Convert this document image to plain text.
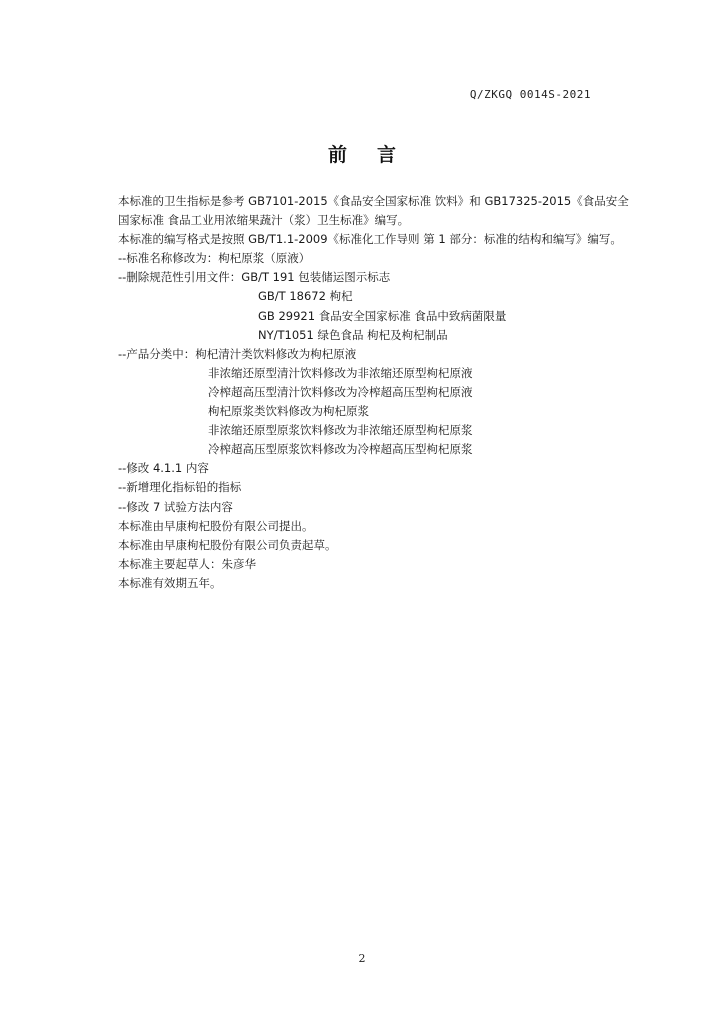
Q/ZKGQ 0014S-2021
前言
本标准的卫生指标是参考 GB7101-2015《食品安全国家标准 饮料》和 GB17325-2015《食品安全
国家标准 食品工业用浓缩果蔬汁（浆）卫生标准》编写。
本标准的编写格式是按照 GB/T1.1-2009《标准化工作导则 第 1 部分：标准的结构和编写》编写。
--标准名称修改为：枸杞原浆（原液）
--删除规范性引用文件：GB/T 191 包装储运图示标志
GB/T 18672 枸杞
GB 29921 食品安全国家标准 食品中致病菌限量
NY/T1051 绿色食品 枸杞及枸杞制品
--产品分类中：枸杞清汁类饮料修改为枸杞原液
非浓缩还原型清汁饮料修改为非浓缩还原型枸杞原液
冷榨超高压型清汁饮料修改为冷榨超高压型枸杞原液
枸杞原浆类饮料修改为枸杞原浆
非浓缩还原型原浆饮料修改为非浓缩还原型枸杞原浆
冷榨超高压型原浆饮料修改为冷榨超高压型枸杞原浆
--修改 4.1.1 内容
--新增理化指标铅的指标
--修改 7 试验方法内容
本标准由早康枸杞股份有限公司提出。
本标准由早康枸杞股份有限公司负责起草。
本标准主要起草人：朱彦华
本标准有效期五年。
2
